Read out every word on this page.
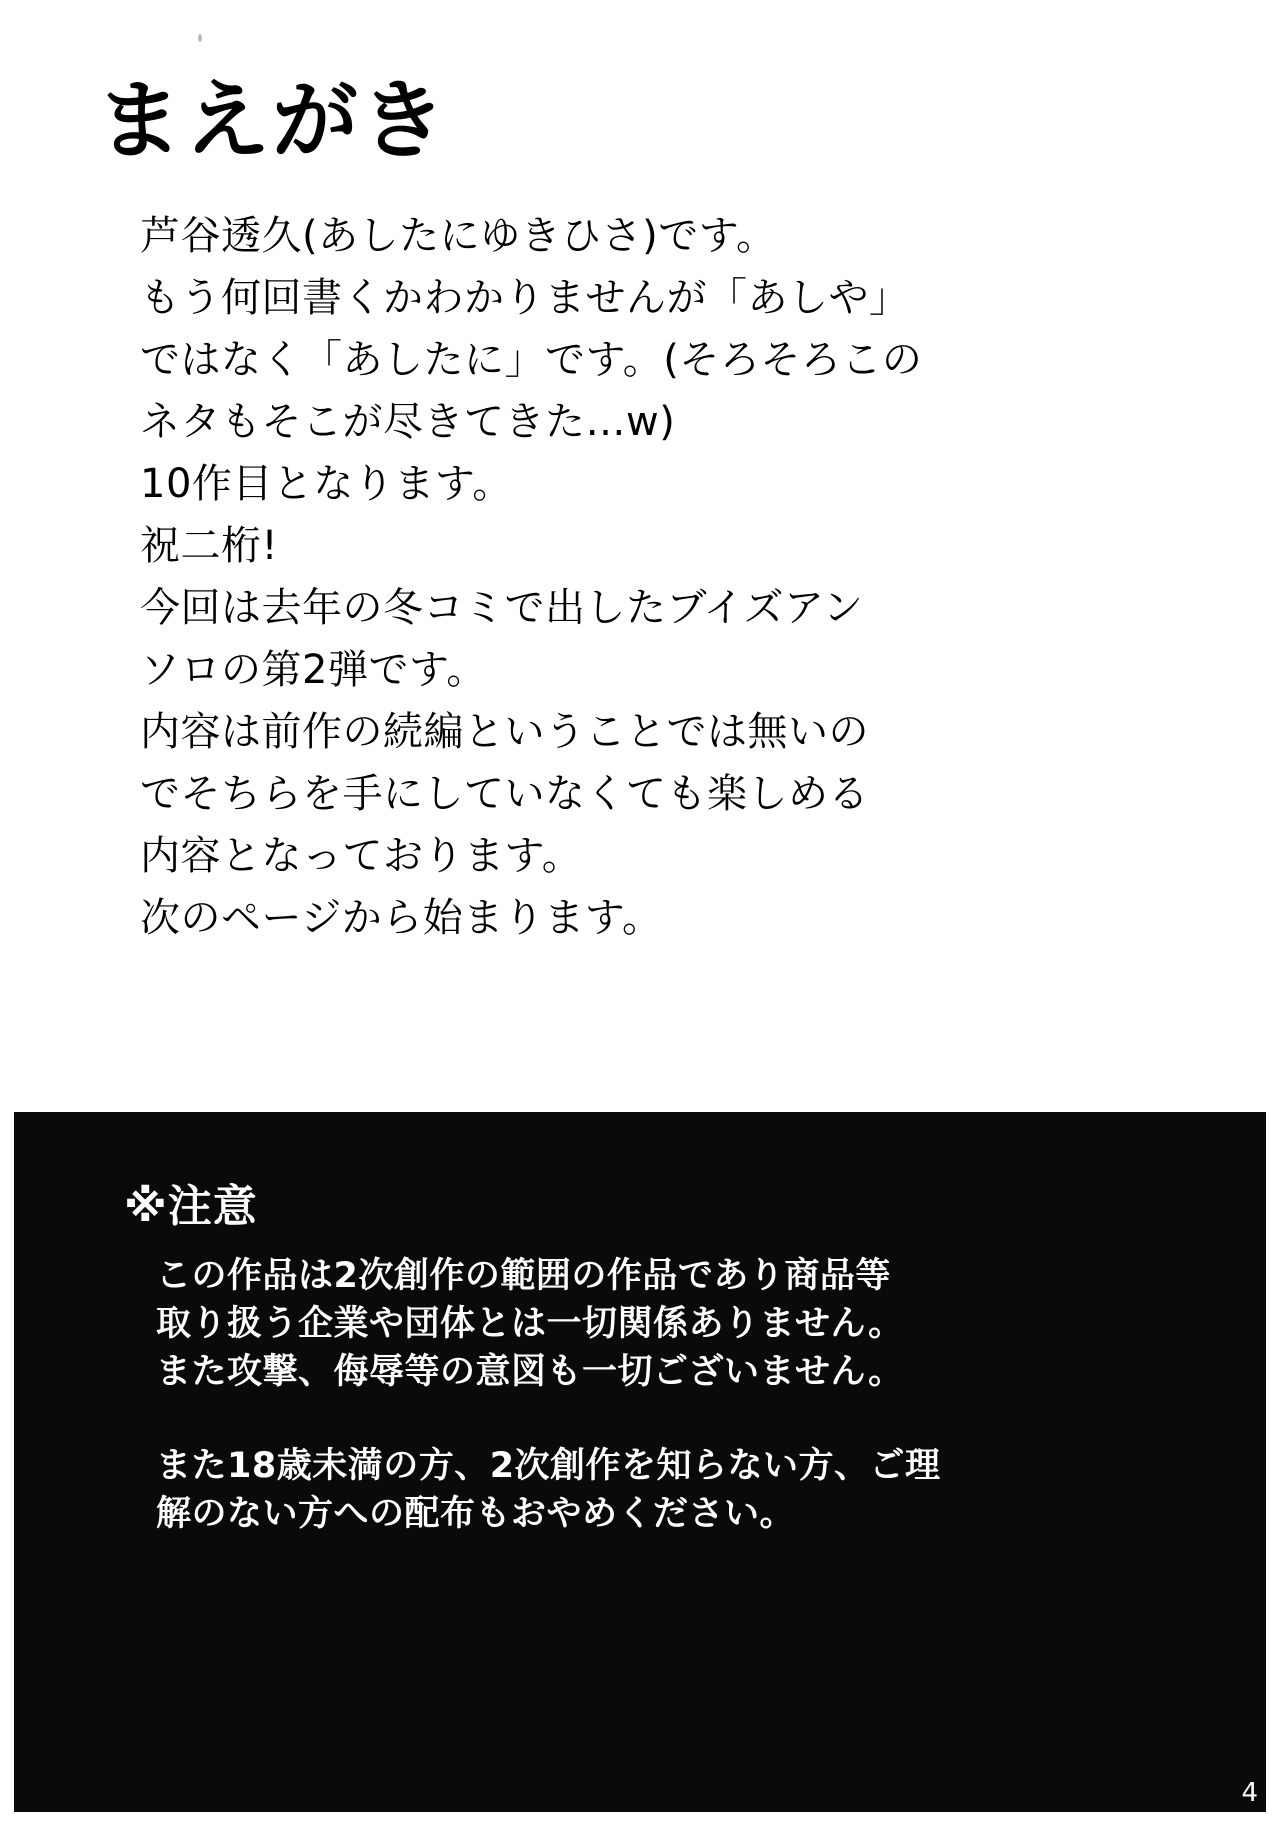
まえがき
芦谷透久(あしたにゆきひさ)です。
もう何回書くかわかりませんが「あしや」
ではなく「あしたに」です。(そろそろこの
ネタもそこが尽きてきた…w)
10作目となります。
祝二桁!
今回は去年の冬コミで出したブイズアン
ソロの第2弾です。
内容は前作の続編ということでは無いの
でそちらを手にしていなくても楽しめる
内容となっております。
次のページから始まります。
※注意
この作品は2次創作の範囲の作品であり商品等
取り扱う企業や団体とは一切関係ありません。
また攻撃、侮辱等の意図も一切ございません。
また18歳未満の方、2次創作を知らない方、ご理
解のない方への配布もおやめください。
4
